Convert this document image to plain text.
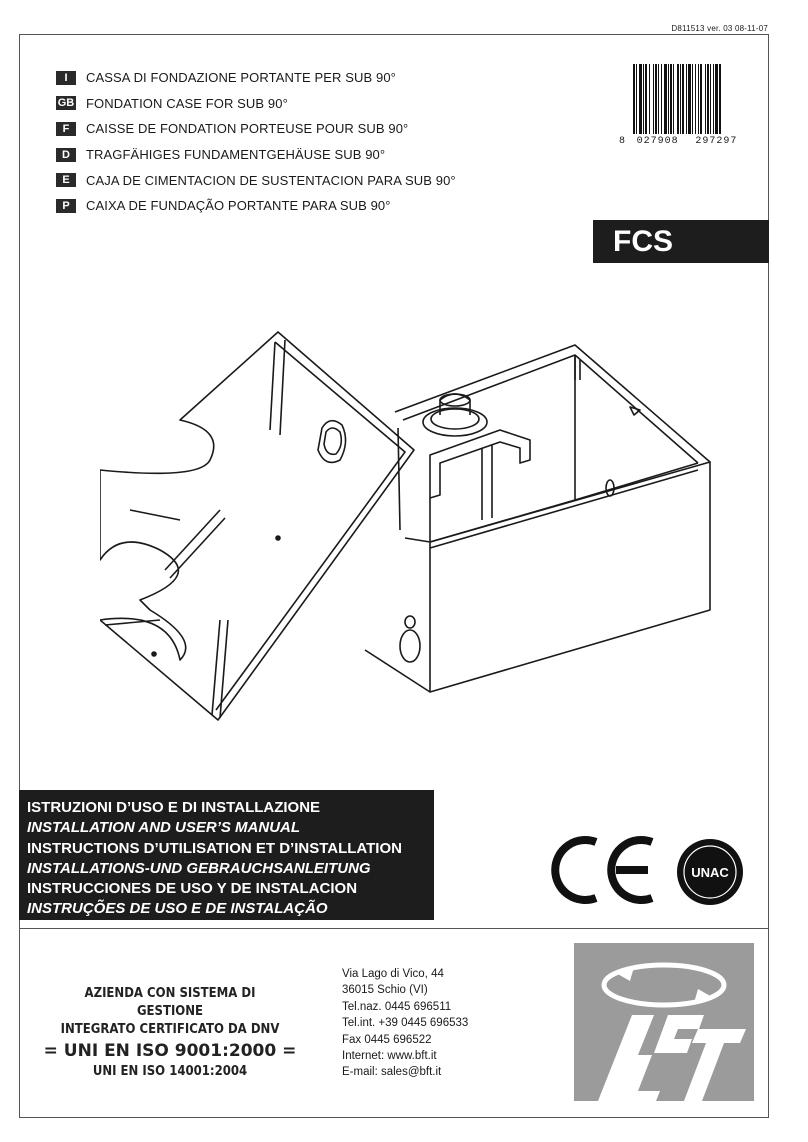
D811513 ver. 03 08-11-07
I	CASSA DI FONDAZIONE PORTANTE PER SUB 90°
GB FONDATION CASE FOR SUB 90°
F	CAISSE DE FONDATION PORTEUSE POUR SUB 90°
D	TRAGFÄHIGES FUNDAMENTGEHÄUSE SUB 90°
E	CAJA DE CIMENTACION DE SUSTENTACION PARA SUB 90°
P	CAIXA DE FUNDAÇÃO PORTANTE PARA SUB 90°
8	027908	297297
FCS
ISTRUZIONI D’USO E DI INSTALLAZIONE
INSTALLATION AND USER’S MANUAL
INSTRUCTIONS D’UTILISATION ET D’INSTALLATION
INSTALLATIONS-UND GEBRAUCHSANLEITUNG
INSTRUCCIONES DE USO Y DE INSTALACION
INSTRUÇÕES DE USO E DE INSTALAÇÃO
UNAC
AZIENDA CON SISTEMA DI GESTIONE
INTEGRATO CERTIFICATO DA DNV
= UNI EN ISO 9001:2000 =
UNI EN ISO 14001:2004
Via Lago di Vico, 44
36015 Schio (VI)
Tel.naz. 0445 696511
Tel.int. +39 0445 696533
Fax 0445 696522
Internet: www.bft.it
E-mail: sales@bft.it
